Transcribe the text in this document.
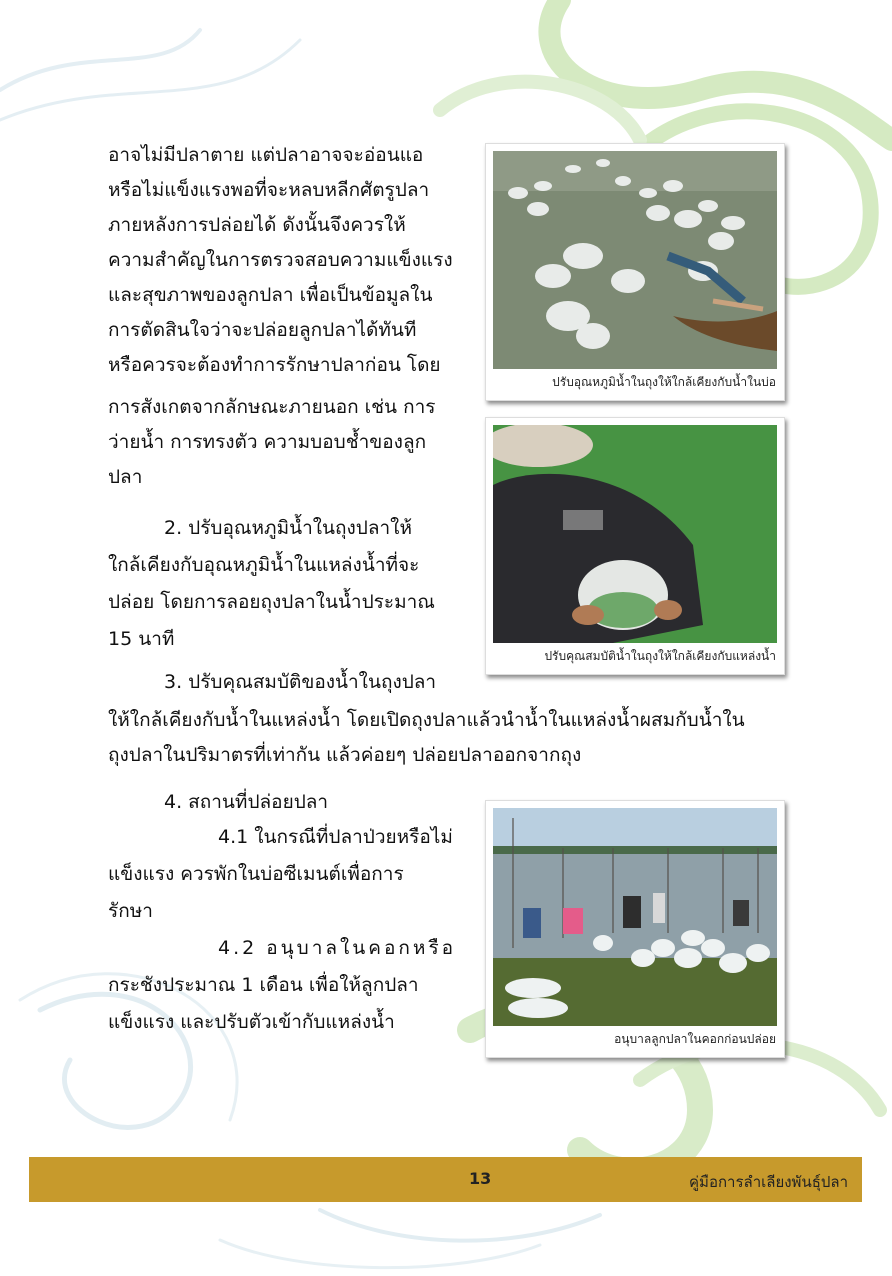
อาจไม่มีปลาตาย แต่ปลาอาจจะอ่อนแอ

หรือไม่แข็งแรงพอที่จะหลบหลีกศัตรูปลา

ภายหลังการปล่อยได้ ดังนั้นจึงควรให้

ความสำคัญในการตรวจสอบความแข็งแรง

และสุขภาพของลูกปลา เพื่อเป็นข้อมูลใน

การตัดสินใจว่าจะปล่อยลูกปลาได้ทันที

หรือควรจะต้องทำการรักษาปลาก่อน โดย

การสังเกตจากลักษณะภายนอก เช่น การ

ว่ายน้ำ การทรงตัว ความบอบช้ำของลูก

ปลา

2. ปรับอุณหภูมิน้ำในถุงปลาให้

ใกล้เคียงกับอุณหภูมิน้ำในแหล่งน้ำที่จะ

ปล่อย โดยการลอยถุงปลาในน้ำประมาณ

15 นาที

3. ปรับคุณสมบัติของน้ำในถุงปลา

ให้ใกล้เคียงกับน้ำในแหล่งน้ำ โดยเปิดถุงปลาแล้วนำน้ำในแหล่งน้ำผสมกับน้ำใน

ถุงปลาในปริมาตรที่เท่ากัน แล้วค่อยๆ ปล่อยปลาออกจากถุง

4. สถานที่ปล่อยปลา

4.1 ในกรณีที่ปลาป่วยหรือไม่

แข็งแรง ควรพักในบ่อซีเมนต์เพื่อการ

รักษา

4.2 อนุบาลในคอกหรือ

กระชังประมาณ 1 เดือน เพื่อให้ลูกปลา

แข็งแรง และปรับตัวเข้ากับแหล่งน้ำ

ปรับอุณหภูมิน้ำในถุงให้ใกล้เคียงกับน้ำในบ่อ
ปรับคุณสมบัติน้ำในถุงให้ใกล้เคียงกับแหล่งน้ำ
อนุบาลลูกปลาในคอกก่อนปล่อย
13	คู่มือการลำเลียงพันธุ์ปลา
